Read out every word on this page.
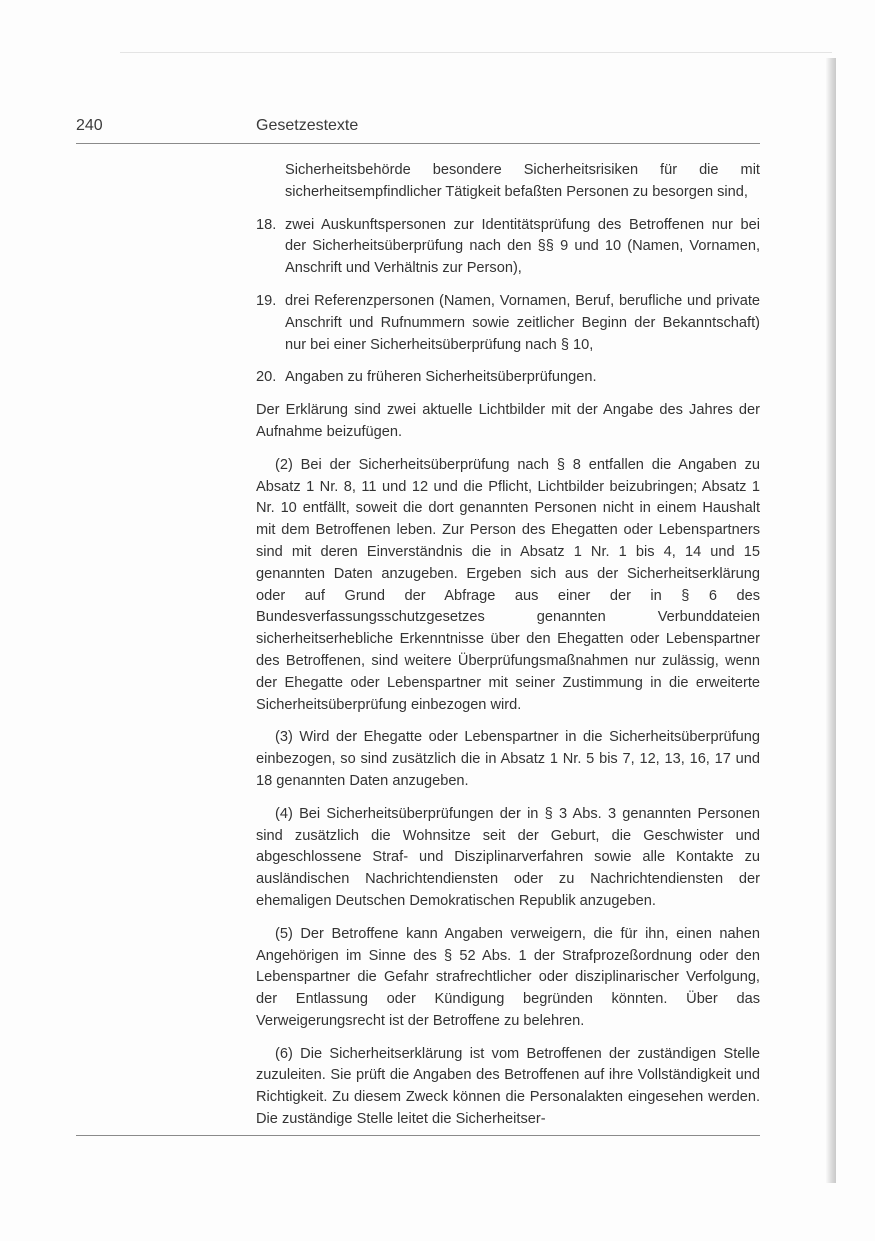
240	Gesetzestexte

Sicherheitsbehörde besondere Sicherheitsrisiken für die mit sicherheitsempfindlicher Tätigkeit befaßten Personen zu besorgen sind,

18. zwei Auskunftspersonen zur Identitätsprüfung des Betroffenen nur bei der Sicherheitsüberprüfung nach den §§ 9 und 10 (Namen, Vornamen, Anschrift und Verhältnis zur Person),
19. drei Referenzpersonen (Namen, Vornamen, Beruf, berufliche und private Anschrift und Rufnummern sowie zeitlicher Beginn der Bekanntschaft) nur bei einer Sicherheitsüberprüfung nach § 10,
20. Angaben zu früheren Sicherheitsüberprüfungen.

Der Erklärung sind zwei aktuelle Lichtbilder mit der Angabe des Jahres der Aufnahme beizufügen.

(2) Bei der Sicherheitsüberprüfung nach § 8 entfallen die Angaben zu Absatz 1 Nr. 8, 11 und 12 und die Pflicht, Lichtbilder beizubringen; Absatz 1 Nr. 10 entfällt, soweit die dort genannten Personen nicht in einem Haushalt mit dem Betroffenen leben. Zur Person des Ehegatten oder Lebenspartners sind mit deren Einverständnis die in Absatz 1 Nr. 1 bis 4, 14 und 15 genannten Daten anzugeben. Ergeben sich aus der Sicherheitserklärung oder auf Grund der Abfrage aus einer der in § 6 des Bundesverfassungsschutzgesetzes genannten Verbunddateien sicherheitserhebliche Erkenntnisse über den Ehegatten oder Lebenspartner des Betroffenen, sind weitere Überprüfungsmaßnahmen nur zulässig, wenn der Ehegatte oder Lebenspartner mit seiner Zustimmung in die erweiterte Sicherheitsüberprüfung einbezogen wird.

(3) Wird der Ehegatte oder Lebenspartner in die Sicherheitsüberprüfung einbezogen, so sind zusätzlich die in Absatz 1 Nr. 5 bis 7, 12, 13, 16, 17 und 18 genannten Daten anzugeben.

(4) Bei Sicherheitsüberprüfungen der in § 3 Abs. 3 genannten Personen sind zusätzlich die Wohnsitze seit der Geburt, die Geschwister und abgeschlossene Straf- und Disziplinarverfahren sowie alle Kontakte zu ausländischen Nachrichtendiensten oder zu Nachrichtendiensten der ehemaligen Deutschen Demokratischen Republik anzugeben.

(5) Der Betroffene kann Angaben verweigern, die für ihn, einen nahen Angehörigen im Sinne des § 52 Abs. 1 der Strafprozeßordnung oder den Lebenspartner die Gefahr strafrechtlicher oder disziplinarischer Verfolgung, der Entlassung oder Kündigung begründen könnten. Über das Verweigerungsrecht ist der Betroffene zu belehren.

(6) Die Sicherheitserklärung ist vom Betroffenen der zuständigen Stelle zuzuleiten. Sie prüft die Angaben des Betroffenen auf ihre Vollständigkeit und Richtigkeit. Zu diesem Zweck können die Personalakten eingesehen werden. Die zuständige Stelle leitet die Sicherheitser-
